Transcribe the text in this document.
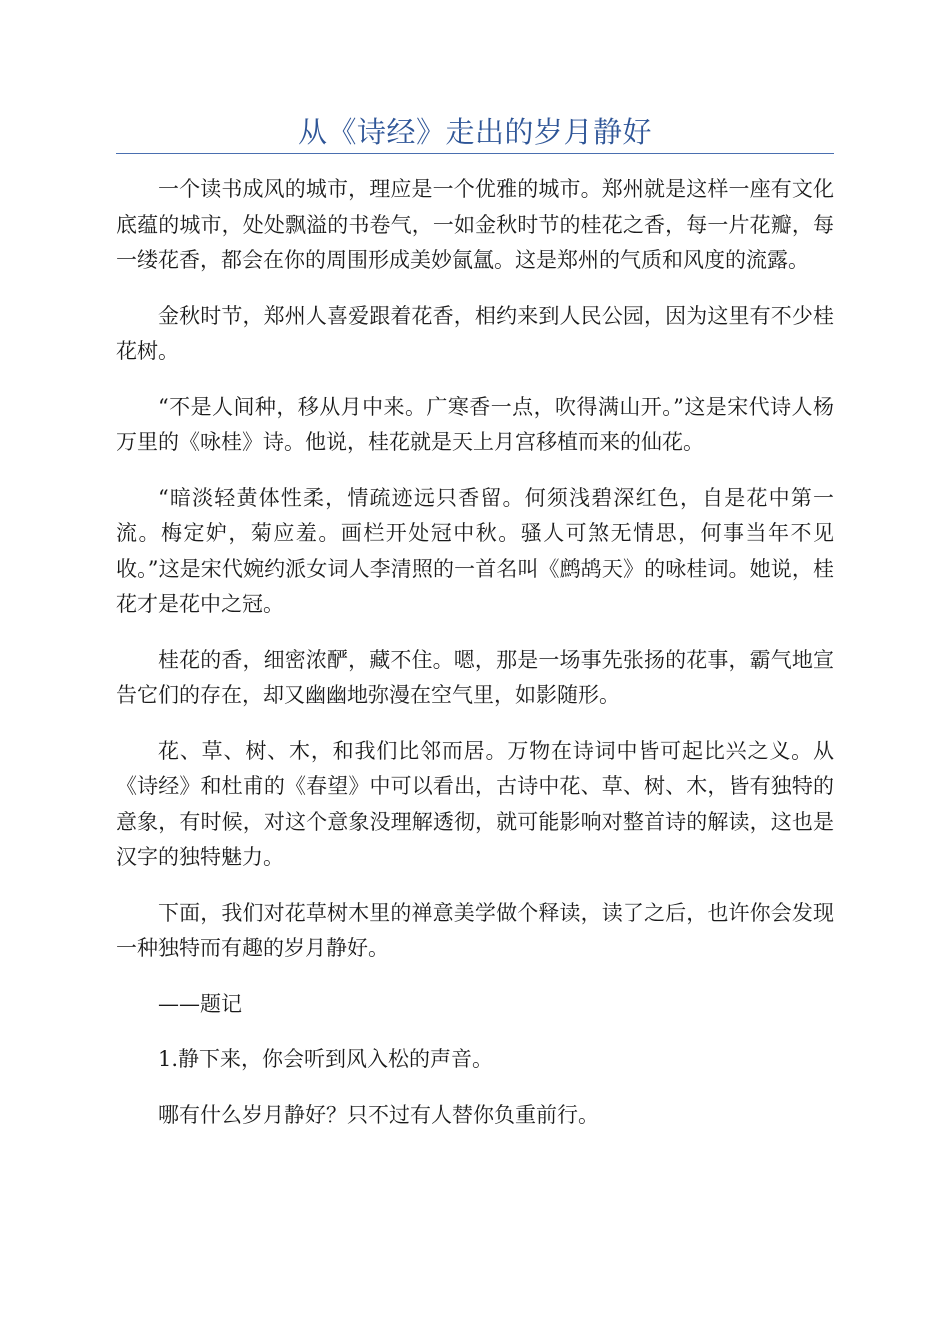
从《诗经》走出的岁月静好

一个读书成风的城市，理应是一个优雅的城市。郑州就是这样一座有文化底蕴的城市，处处飘溢的书卷气，一如金秋时节的桂花之香，每一片花瓣，每一缕花香，都会在你的周围形成美妙氤氲。这是郑州的气质和风度的流露。

金秋时节，郑州人喜爱跟着花香，相约来到人民公园，因为这里有不少桂花树。

“不是人间种，移从月中来。广寒香一点，吹得满山开。”这是宋代诗人杨万里的《咏桂》诗。他说，桂花就是天上月宫移植而来的仙花。

“暗淡轻黄体性柔，情疏迹远只香留。何须浅碧深红色，自是花中第一流。梅定妒，菊应羞。画栏开处冠中秋。骚人可煞无情思，何事当年不见收。”这是宋代婉约派女词人李清照的一首名叫《鹧鸪天》的咏桂词。她说，桂花才是花中之冠。

桂花的香，细密浓酽，藏不住。嗯，那是一场事先张扬的花事，霸气地宣告它们的存在，却又幽幽地弥漫在空气里，如影随形。

花、草、树、木，和我们比邻而居。万物在诗词中皆可起比兴之义。从《诗经》和杜甫的《春望》中可以看出，古诗中花、草、树、木，皆有独特的意象，有时候，对这个意象没理解透彻，就可能影响对整首诗的解读，这也是汉字的独特魅力。

下面，我们对花草树木里的禅意美学做个释读，读了之后，也许你会发现一种独特而有趣的岁月静好。

——题记

1.静下来，你会听到风入松的声音。

哪有什么岁月静好？只不过有人替你负重前行。
